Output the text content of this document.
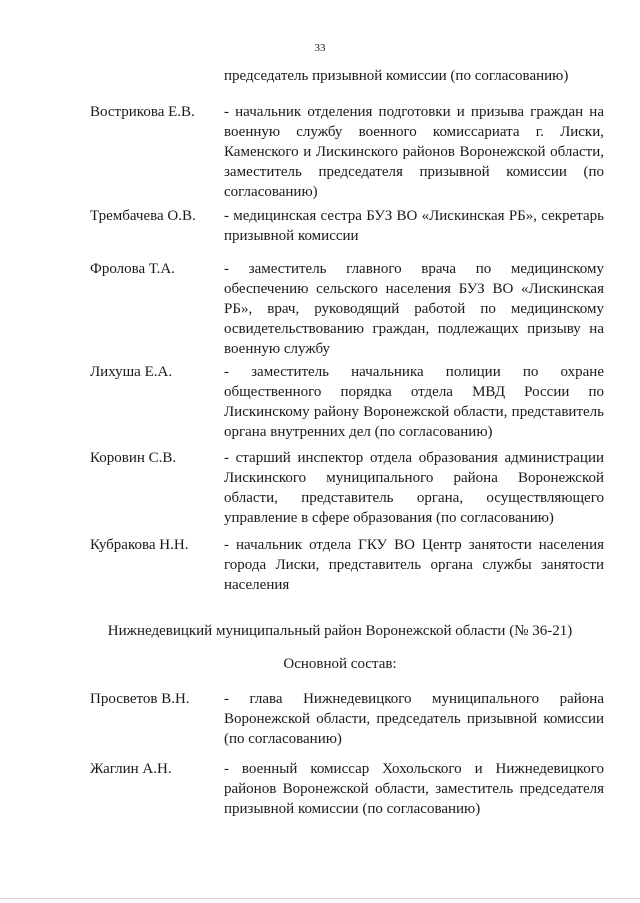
33
председатель призывной комиссии (по согласованию)
Вострикова Е.В. - начальник отделения подготовки и призыва граждан на военную службу военного комиссариата г. Лиски, Каменского и Лискинского районов Воронежской области, заместитель председателя призывной комиссии (по согласованию)
Трембачева О.В. - медицинская сестра БУЗ ВО «Лискинская РБ», секретарь призывной комиссии
Фролова Т.А.	- заместитель главного врача по медицинскому обеспечению сельского населения БУЗ ВО «Лискинская РБ», врач, руководящий работой по медицинскому освидетельствованию граждан, подлежащих призыву на военную службу
Лихуша Е.А.	- заместитель начальника полиции по охране общественного порядка отдела МВД России по Лискинскому району Воронежской области, представитель органа внутренних дел (по согласованию)
Коровин С.В.	- старший инспектор отдела образования администрации Лискинского муниципального района Воронежской области, представитель органа, осуществляющего управление в сфере образования (по согласованию)
Кубракова Н.Н. - начальник отдела ГКУ ВО Центр занятости населения города Лиски, представитель органа службы занятости населения
Нижнедевицкий муниципальный район Воронежской области (№ 36-21)
Основной состав:
Просветов В.Н. - глава Нижнедевицкого муниципального района Воронежской области, председатель призывной комиссии (по согласованию)
Жаглин А.Н.	- военный комиссар Хохольского и Нижнедевицкого районов Воронежской области, заместитель председателя призывной комиссии (по согласованию)
